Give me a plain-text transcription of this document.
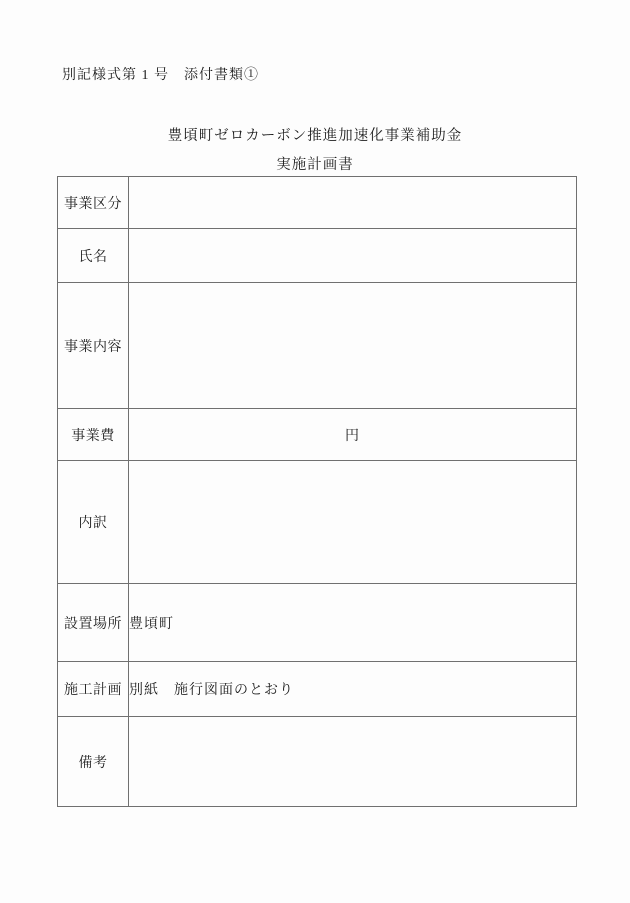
別記様式第 1 号　添付書類①
豊頃町ゼロカーボン推進加速化事業補助金
実施計画書
事業区分	
氏名	
事業内容	
事業費	円
内訳	
設置場所	豊頃町
施工計画	別紙　施行図面のとおり
備考	
